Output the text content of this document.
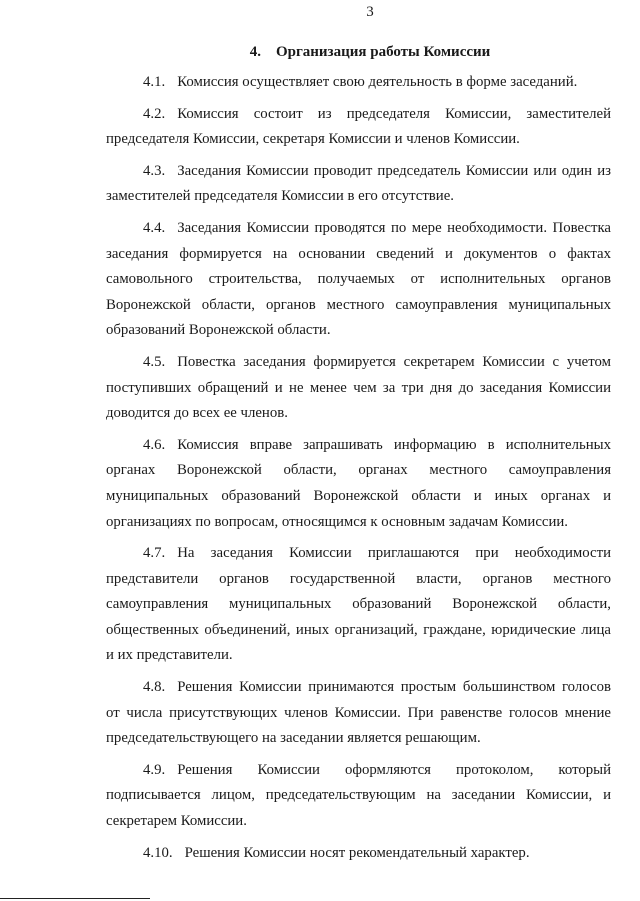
3
4. Организация работы Комиссии

4.1. Комиссия осуществляет свою деятельность в форме заседаний.

4.2. Комиссия состоит из председателя Комиссии, заместителей председателя Комиссии, секретаря Комиссии и членов Комиссии.

4.3. Заседания Комиссии проводит председатель Комиссии или один из заместителей председателя Комиссии в его отсутствие.

4.4. Заседания Комиссии проводятся по мере необходимости. Повестка заседания формируется на основании сведений и документов о фактах самовольного строительства, получаемых от исполнительных органов Воронежской области, органов местного самоуправления муниципальных образований Воронежской области.

4.5. Повестка заседания формируется секретарем Комиссии с учетом поступивших обращений и не менее чем за три дня до заседания Комиссии доводится до всех ее членов.

4.6. Комиссия вправе запрашивать информацию в исполнительных органах Воронежской области, органах местного самоуправления муниципальных образований Воронежской области и иных органах и организациях по вопросам, относящимся к основным задачам Комиссии.

4.7. На заседания Комиссии приглашаются при необходимости представители органов государственной власти, органов местного самоуправления муниципальных образований Воронежской области, общественных объединений, иных организаций, граждане, юридические лица и их представители.

4.8. Решения Комиссии принимаются простым большинством голосов от числа присутствующих членов Комиссии. При равенстве голосов мнение председательствующего на заседании является решающим.

4.9. Решения Комиссии оформляются протоколом, который подписывается лицом, председательствующим на заседании Комиссии, и секретарем Комиссии.

4.10. Решения Комиссии носят рекомендательный характер.
